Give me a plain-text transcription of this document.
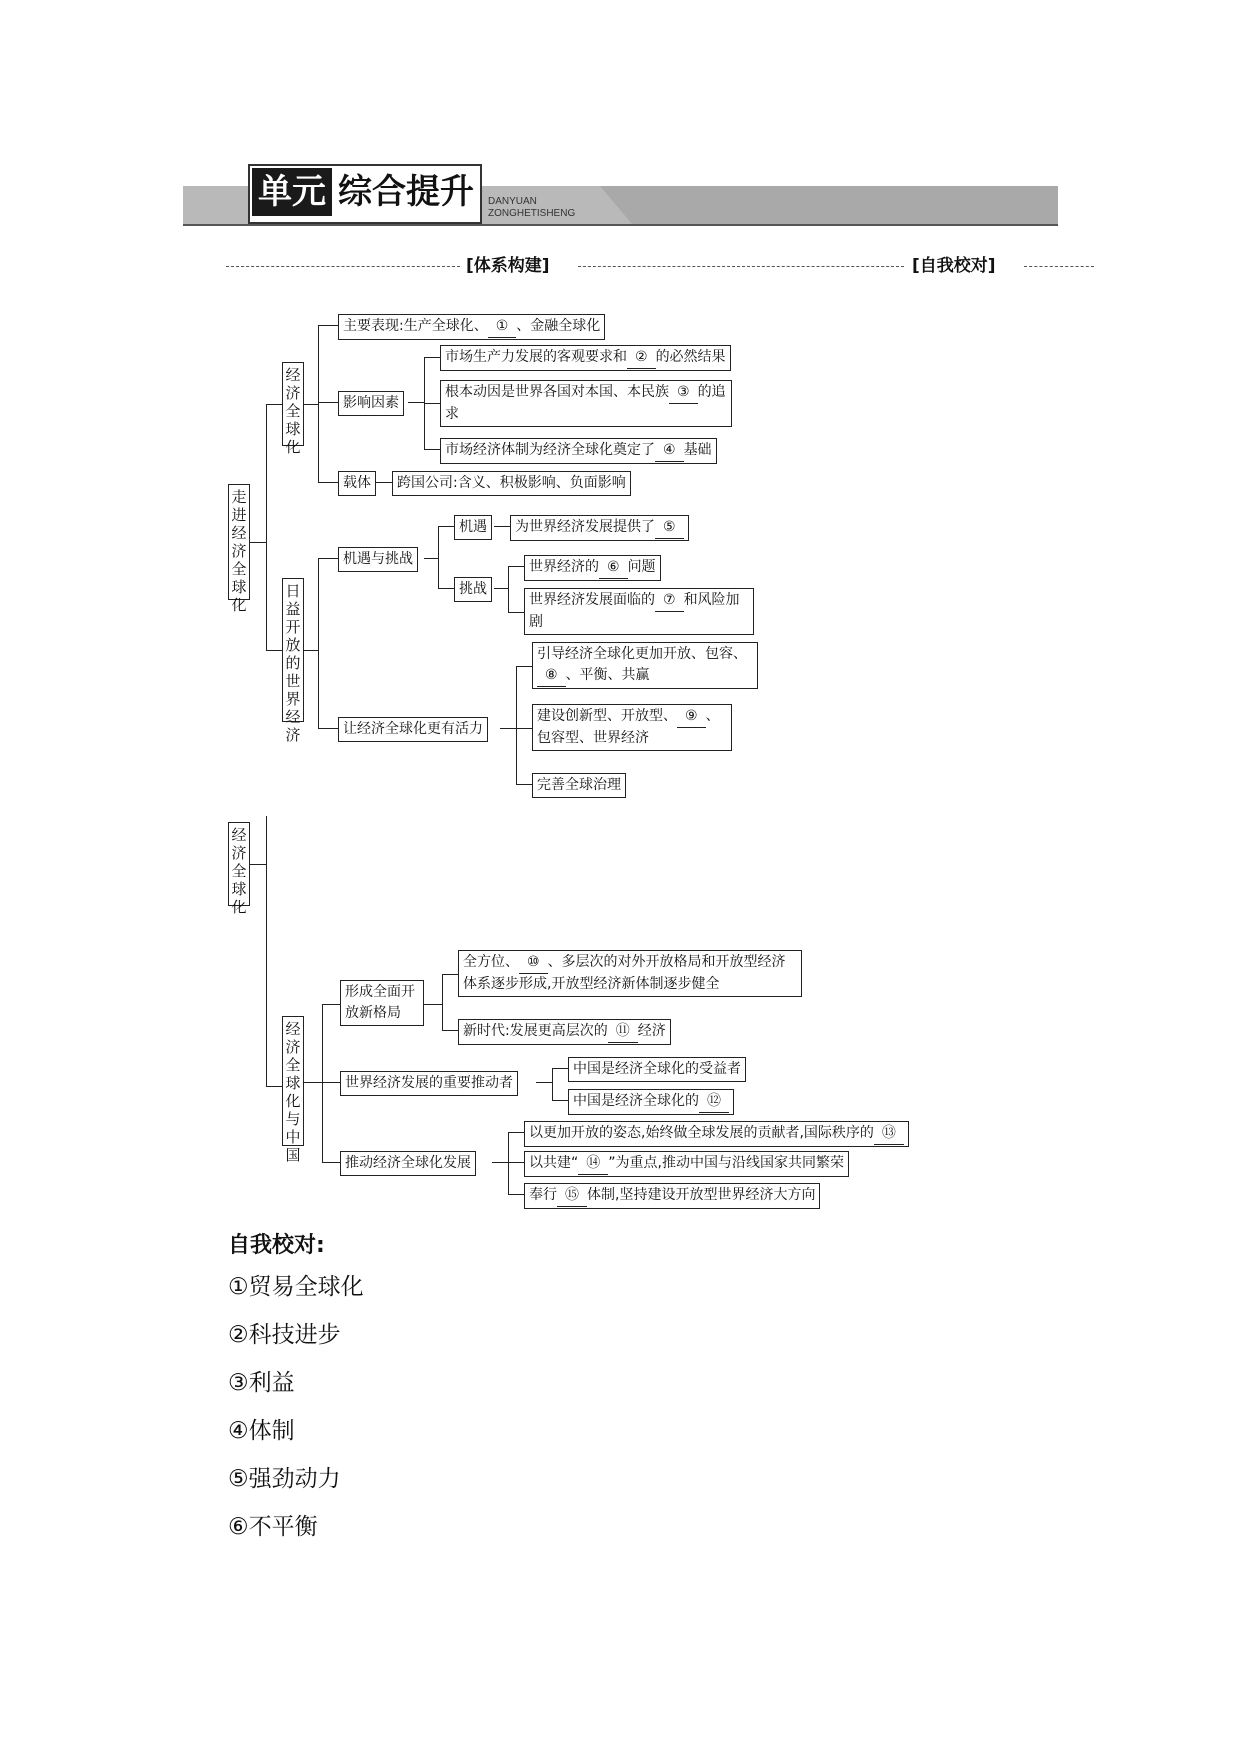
单元 综合提升 DANYUAN
ZONGHETISHENG
[体系构建]	[自我校对]
走进经济全球化
经济全球化
主要表现:生产全球化、 ① 、金融全球化
影响因素
市场生产力发展的客观要求和 ② 的必然结果
根本动因是世界各国对本国、本民族 ③ 的追求
市场经济体制为经济全球化奠定了 ④ 基础
载体	跨国公司:含义、积极影响、负面影响
日益开放的世界经济
机遇与挑战
机遇	为世界经济发展提供了 ⑤
挑战
世界经济的 ⑥ 问题
世界经济发展面临的 ⑦ 和风险加剧
让经济全球化更有活力
引导经济全球化更加开放、包容、⑧ 、平衡、共赢
建设创新型、开放型、 ⑨ 、包容型、世界经济
完善全球治理
经济全球化
经济全球化与中国
形成全面开放新格局
全方位、 ⑩ 、多层次的对外开放格局和开放型经济体系逐步形成,开放型经济新体制逐步健全
新时代:发展更高层次的 ⑪ 经济
世界经济发展的重要推动者
中国是经济全球化的受益者
中国是经济全球化的 ⑫
推动经济全球化发展
以更加开放的姿态,始终做全球发展的贡献者,国际秩序的 ⑬
以共建“ ⑭ ”为重点,推动中国与沿线国家共同繁荣
奉行 ⑮ 体制,坚持建设开放型世界经济大方向
自我校对:
①贸易全球化
②科技进步
③利益
④体制
⑤强劲动力
⑥不平衡
